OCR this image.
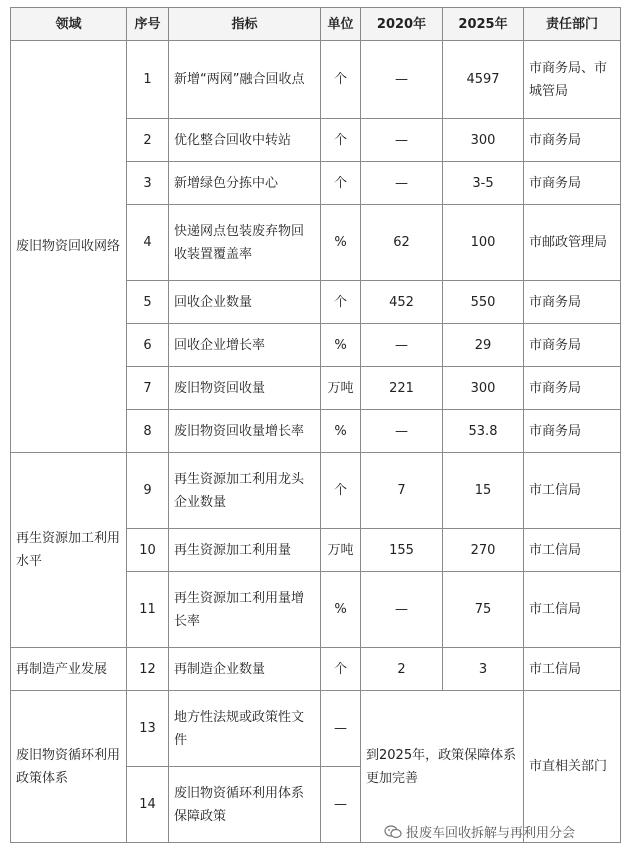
领域	序号	指标	单位	2020年	2025年	责任部门
废旧物资回收网络	1	新增“两网”融合回收点	个	—	4597	市商务局、市城管局
	2	优化整合回收中转站	个	—	300	市商务局
	3	新增绿色分拣中心	个	—	3-5	市商务局
	4	快递网点包装废弃物回收装置覆盖率	%	62	100	市邮政管理局
	5	回收企业数量	个	452	550	市商务局
	6	回收企业增长率	%	—	29	市商务局
	7	废旧物资回收量	万吨	221	300	市商务局
	8	废旧物资回收量增长率	%	—	53.8	市商务局
再生资源加工利用水平	9	再生资源加工利用龙头企业数量	个	7	15	市工信局
	10	再生资源加工利用量	万吨	155	270	市工信局
	11	再生资源加工利用量增长率	%	—	75	市工信局
再制造产业发展	12	再制造企业数量	个	2	3	市工信局
废旧物资循环利用政策体系	13	地方性法规或政策性文件	—	到2025年，政策保障体系更加完善		市直相关部门
	14	废旧物资循环利用体系保障政策	—			
报废车回收拆解与再利用分会
